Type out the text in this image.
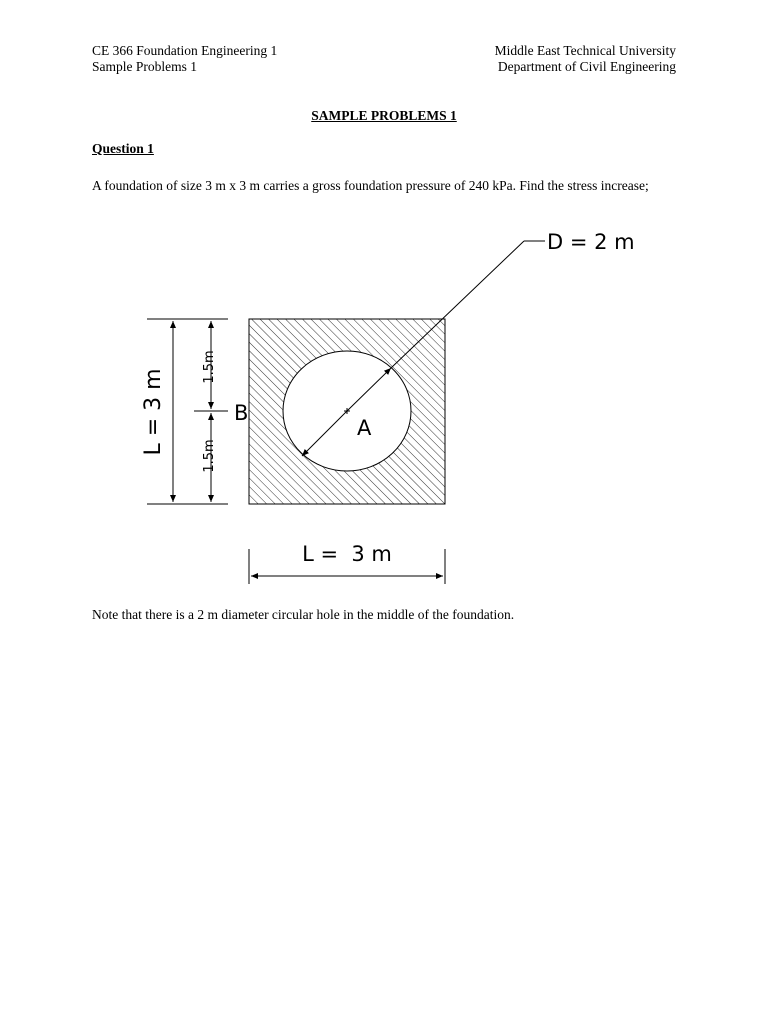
CE 366 Foundation Engineering 1
Sample Problems 1
Middle East Technical University
Department of Civil Engineering
SAMPLE PROBLEMS 1
Question 1
A foundation of size 3 m x 3 m carries a gross foundation pressure of 240 kPa. Find the stress increase;
D = 2 m
A
B
L = 3 m
1.5m
1.5m
L =  3 m
Note that there is a 2 m diameter circular hole in the middle of the foundation.
